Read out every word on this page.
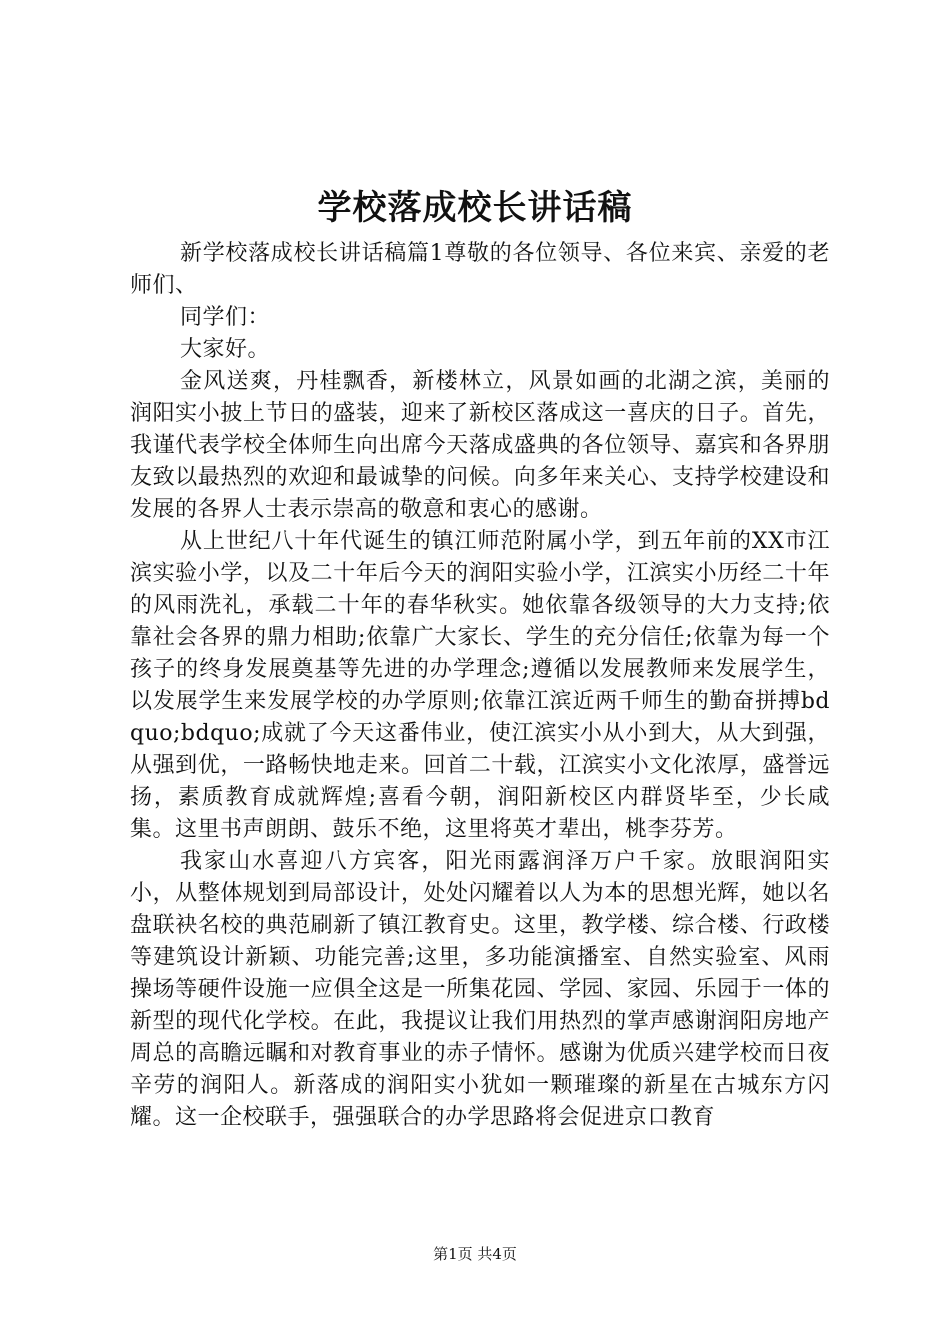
学校落成校长讲话稿

新学校落成校长讲话稿篇1尊敬的各位领导、各位来宾、亲爱的老师们、

同学们：

大家好。

金风送爽，丹桂飘香，新楼林立，风景如画的北湖之滨，美丽的润阳实小披上节日的盛装，迎来了新校区落成这一喜庆的日子。首先，我谨代表学校全体师生向出席今天落成盛典的各位领导、嘉宾和各界朋友致以最热烈的欢迎和最诚挚的问候。向多年来关心、支持学校建设和发展的各界人士表示崇高的敬意和衷心的感谢。

从上世纪八十年代诞生的镇江师范附属小学，到五年前的XX市江滨实验小学，以及二十年后今天的润阳实验小学，江滨实小历经二十年的风雨洗礼，承载二十年的春华秋实。她依靠各级领导的大力支持;依靠社会各界的鼎力相助;依靠广大家长、学生的充分信任;依靠为每一个孩子的终身发展奠基等先进的办学理念;遵循以发展教师来发展学生，以发展学生来发展学校的办学原则;依靠江滨近两千师生的勤奋拼搏bdquo;bdquo;成就了今天这番伟业，使江滨实小从小到大，从大到强，从强到优，一路畅快地走来。回首二十载，江滨实小文化浓厚，盛誉远扬，素质教育成就辉煌;喜看今朝，润阳新校区内群贤毕至，少长咸集。这里书声朗朗、鼓乐不绝，这里将英才辈出，桃李芬芳。

我家山水喜迎八方宾客，阳光雨露润泽万户千家。放眼润阳实小，从整体规划到局部设计，处处闪耀着以人为本的思想光辉，她以名盘联袂名校的典范刷新了镇江教育史。这里，教学楼、综合楼、行政楼等建筑设计新颖、功能完善;这里，多功能演播室、自然实验室、风雨操场等硬件设施一应俱全这是一所集花园、学园、家园、乐园于一体的新型的现代化学校。在此，我提议让我们用热烈的掌声感谢润阳房地产周总的高瞻远瞩和对教育事业的赤子情怀。感谢为优质兴建学校而日夜辛劳的润阳人。新落成的润阳实小犹如一颗璀璨的新星在古城东方闪耀。这一企校联手，强强联合的办学思路将会促进京口教育

第1页 共4页
